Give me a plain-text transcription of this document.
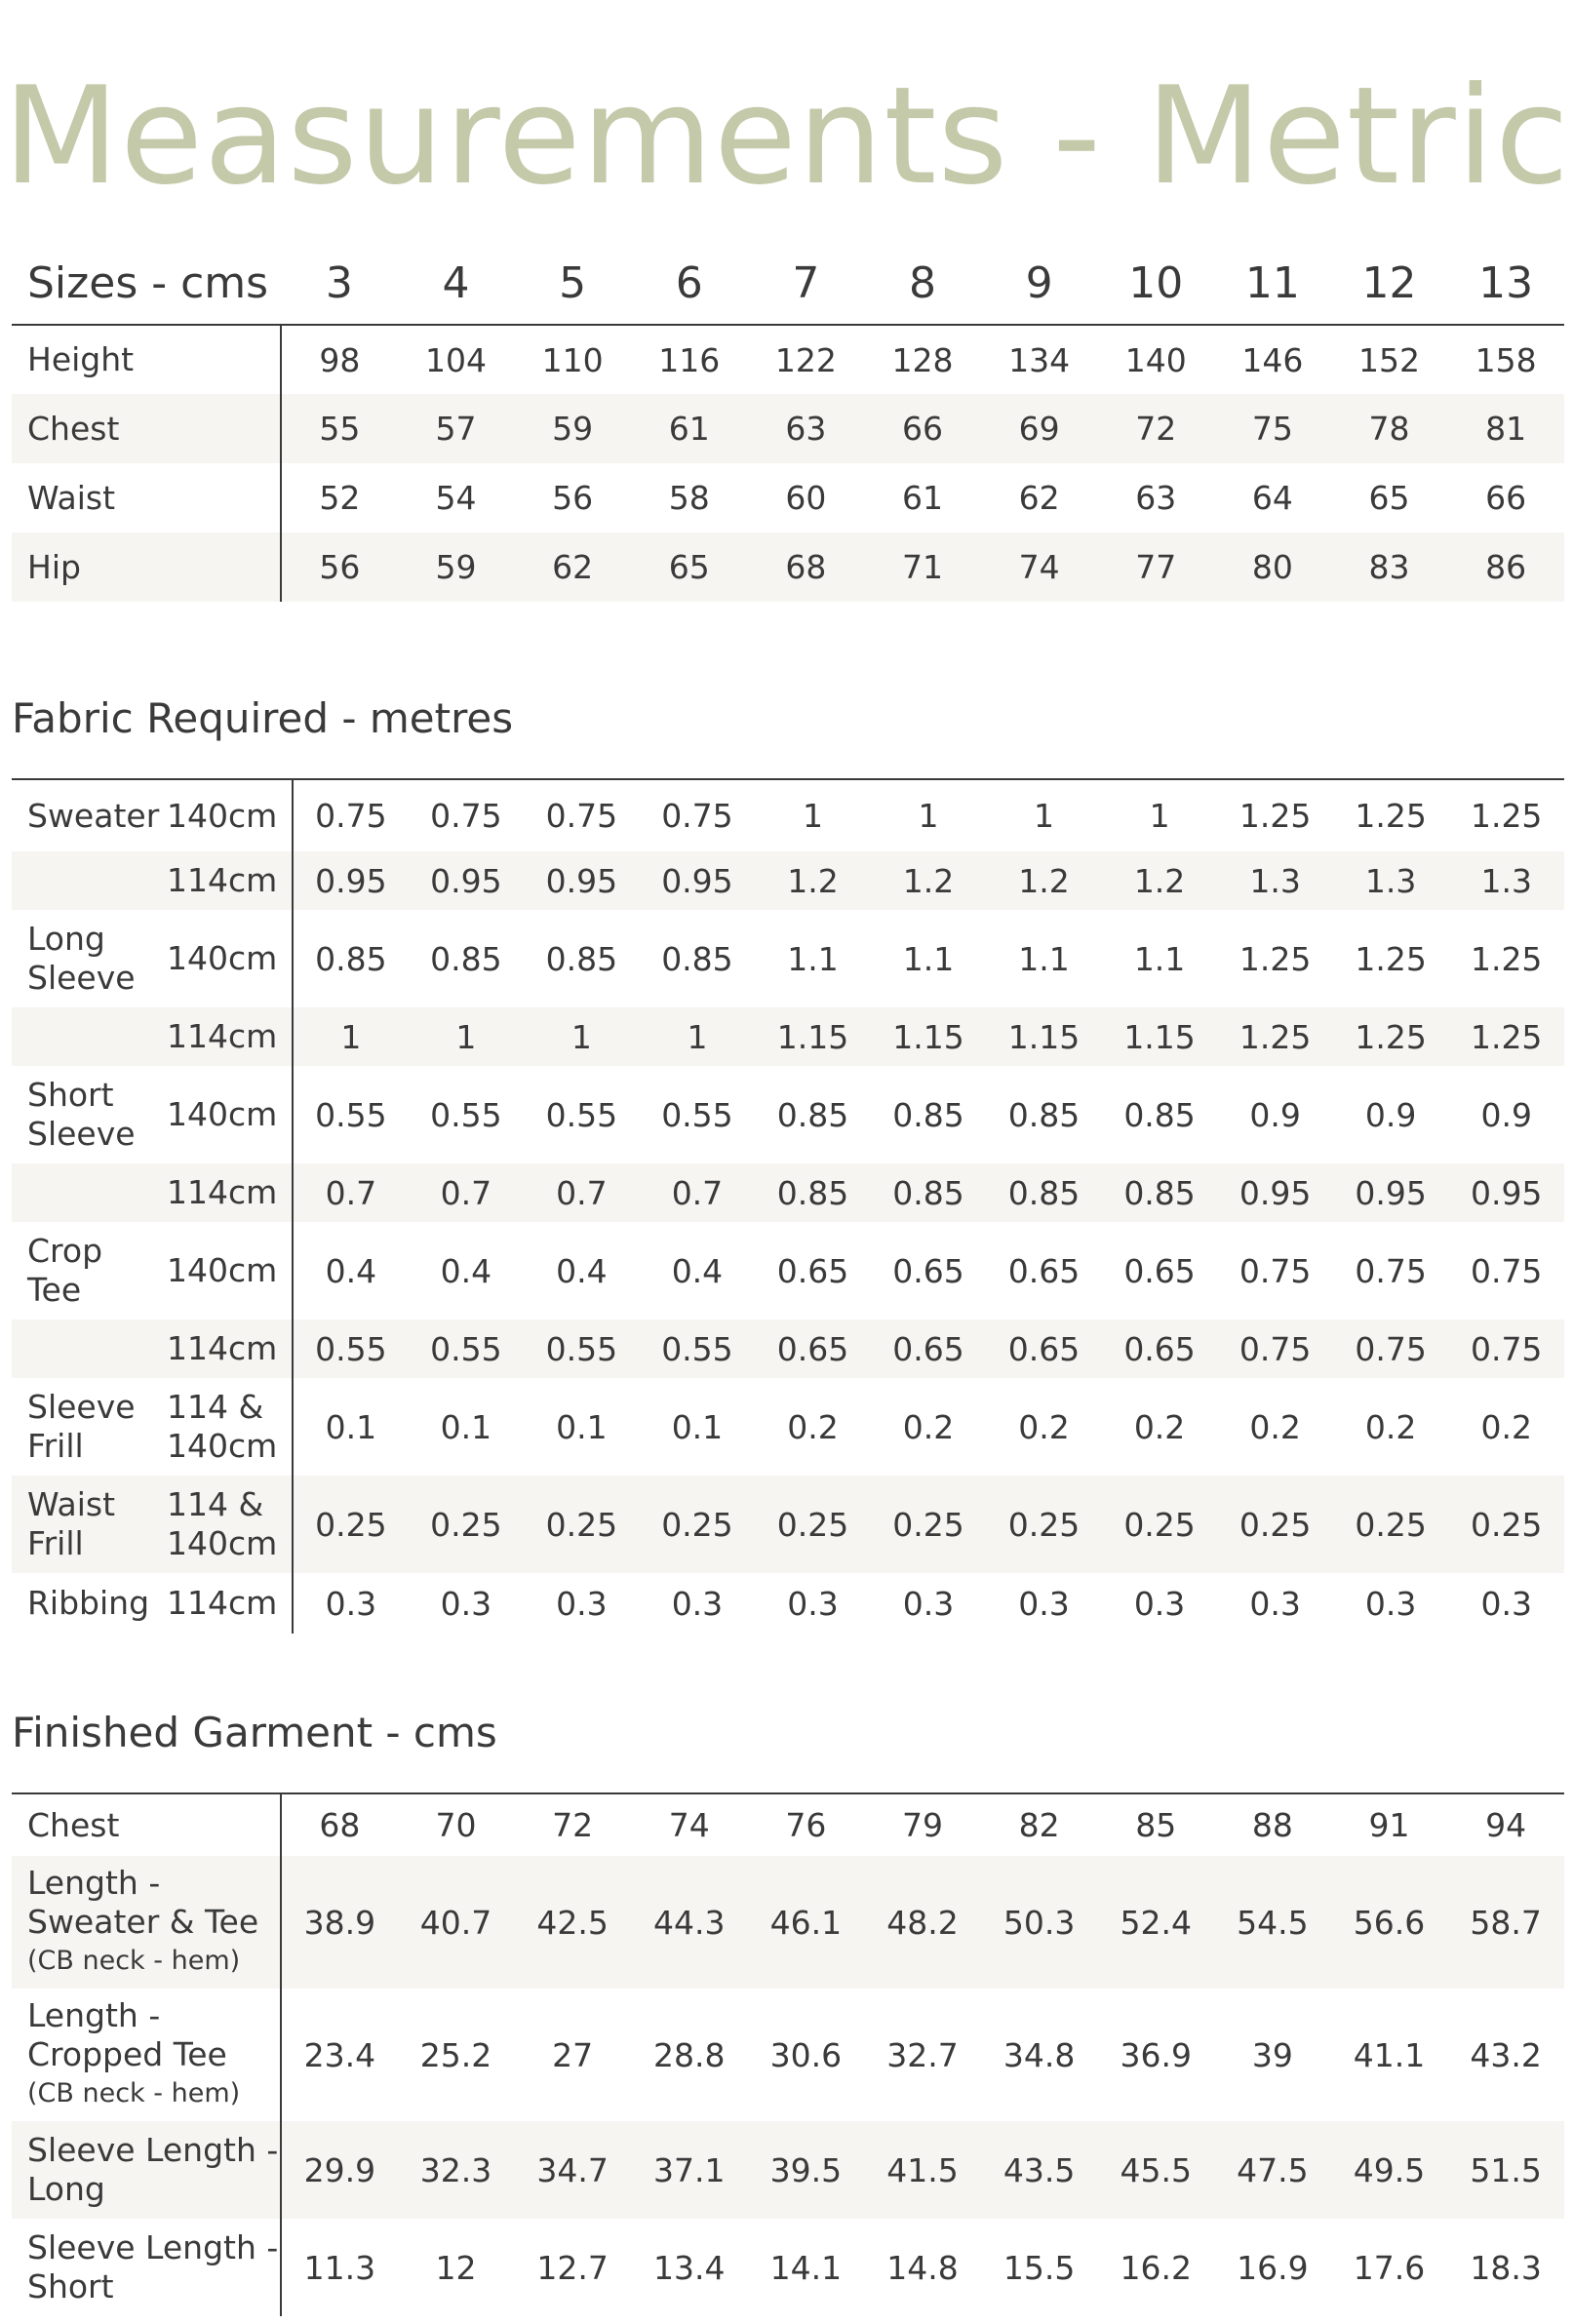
Measurements - Metric
Sizes - cms	3	4	5	6	7	8	9	10	11	12	13
Height	98	104	110	116	122	128	134	140	146	152	158
Chest	55	57	59	61	63	66	69	72	75	78	81
Waist	52	54	56	58	60	61	62	63	64	65	66
Hip	56	59	62	65	68	71	74	77	80	83	86
Fabric Required - metres
Sweater	140cm	0.75	0.75	0.75	0.75	1	1	1	1	1.25	1.25	1.25
	114cm	0.95	0.95	0.95	0.95	1.2	1.2	1.2	1.2	1.3	1.3	1.3
Long Sleeve	140cm	0.85	0.85	0.85	0.85	1.1	1.1	1.1	1.1	1.25	1.25	1.25
	114cm	1	1	1	1	1.15	1.15	1.15	1.15	1.25	1.25	1.25
Short Sleeve	140cm	0.55	0.55	0.55	0.55	0.85	0.85	0.85	0.85	0.9	0.9	0.9
	114cm	0.7	0.7	0.7	0.7	0.85	0.85	0.85	0.85	0.95	0.95	0.95
Crop Tee	140cm	0.4	0.4	0.4	0.4	0.65	0.65	0.65	0.65	0.75	0.75	0.75
	114cm	0.55	0.55	0.55	0.55	0.65	0.65	0.65	0.65	0.75	0.75	0.75
Sleeve Frill	114 & 140cm	0.1	0.1	0.1	0.1	0.2	0.2	0.2	0.2	0.2	0.2	0.2
Waist Frill	114 & 140cm	0.25	0.25	0.25	0.25	0.25	0.25	0.25	0.25	0.25	0.25	0.25
Ribbing	114cm	0.3	0.3	0.3	0.3	0.3	0.3	0.3	0.3	0.3	0.3	0.3
Finished Garment - cms
Chest	68	70	72	74	76	79	82	85	88	91	94

Length - Sweater & Tee
(CB neck - hem)	38.9	40.7	42.5	44.3	46.1	48.2	50.3	52.4	54.5	56.6	58.7

Length - Cropped Tee
(CB neck - hem)	23.4	25.2	27	28.8	30.6	32.7	34.8	36.9	39	41.1	43.2

Sleeve Length - Long	29.9	32.3	34.7	37.1	39.5	41.5	43.5	45.5	47.5	49.5	51.5

Sleeve Length - Short	11.3	12	12.7	13.4	14.1	14.8	15.5	16.2	16.9	17.6	18.3
